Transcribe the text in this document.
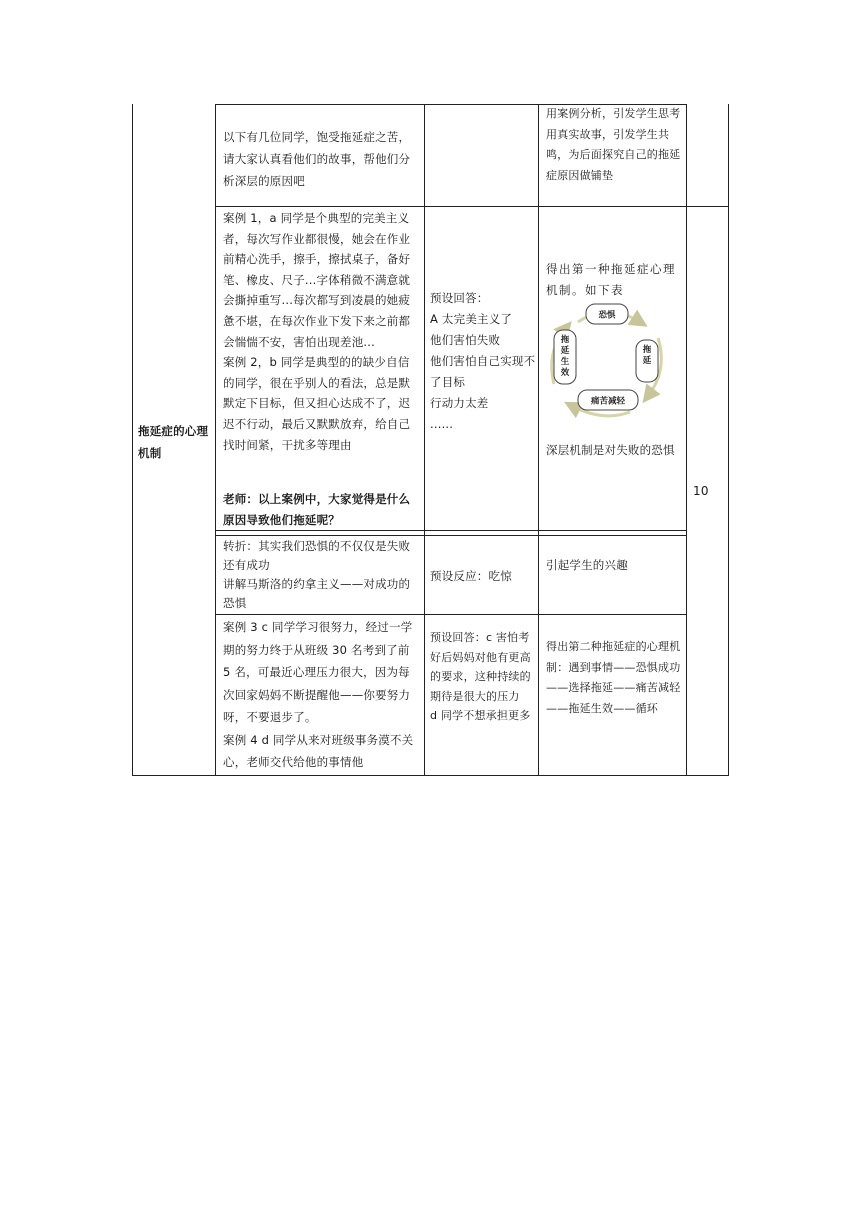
拖延症的心理机制
10
以下有几位同学，饱受拖延症之苦，请大家认真看他们的故事，帮他们分析深层的原因吧
用案例分析，引发学生思考用真实故事，引发学生共鸣，为后面探究自己的拖延症原因做铺垫
案例 1，a 同学是个典型的完美主义者，每次写作业都很慢，她会在作业前精心洗手，擦手，擦拭桌子，备好笔、橡皮、尺子...字体稍微不满意就会撕掉重写...每次都写到凌晨的她疲惫不堪，在每次作业下发下来之前都会惴惴不安，害怕出现差池...
案例 2，b 同学是典型的的缺少自信的同学，很在乎别人的看法，总是默默定下目标，但又担心达成不了，迟迟不行动，最后又默默放弃，给自己找时间紧，干扰多等理由
老师：以上案例中，大家觉得是什么原因导致他们拖延呢？
预设回答：
A 太完美主义了
他们害怕失败
他们害怕自己实现不了目标
行动力太差
......
得出第一种拖延症心理机制。如下表
恐惧
拖延
痛苦减轻
拖延生效
深层机制是对失败的恐惧
转折：其实我们恐惧的不仅仅是失败还有成功
讲解马斯洛的约拿主义——对成功的恐惧
预设反应：吃惊
引起学生的兴趣
案例 3 c 同学学习很努力，经过一学期的努力终于从班级 30 名考到了前 5 名，可最近心理压力很大，因为每次回家妈妈不断提醒他——你要努力呀，不要退步了。
案例 4 d 同学从来对班级事务漠不关心，老师交代给他的事情他
预设回答：c 害怕考好后妈妈对他有更高的要求，这种持续的期待是很大的压力
d 同学不想承担更多
得出第二种拖延症的心理机制：遇到事情——恐惧成功——选择拖延——痛苦减轻——拖延生效——循环
